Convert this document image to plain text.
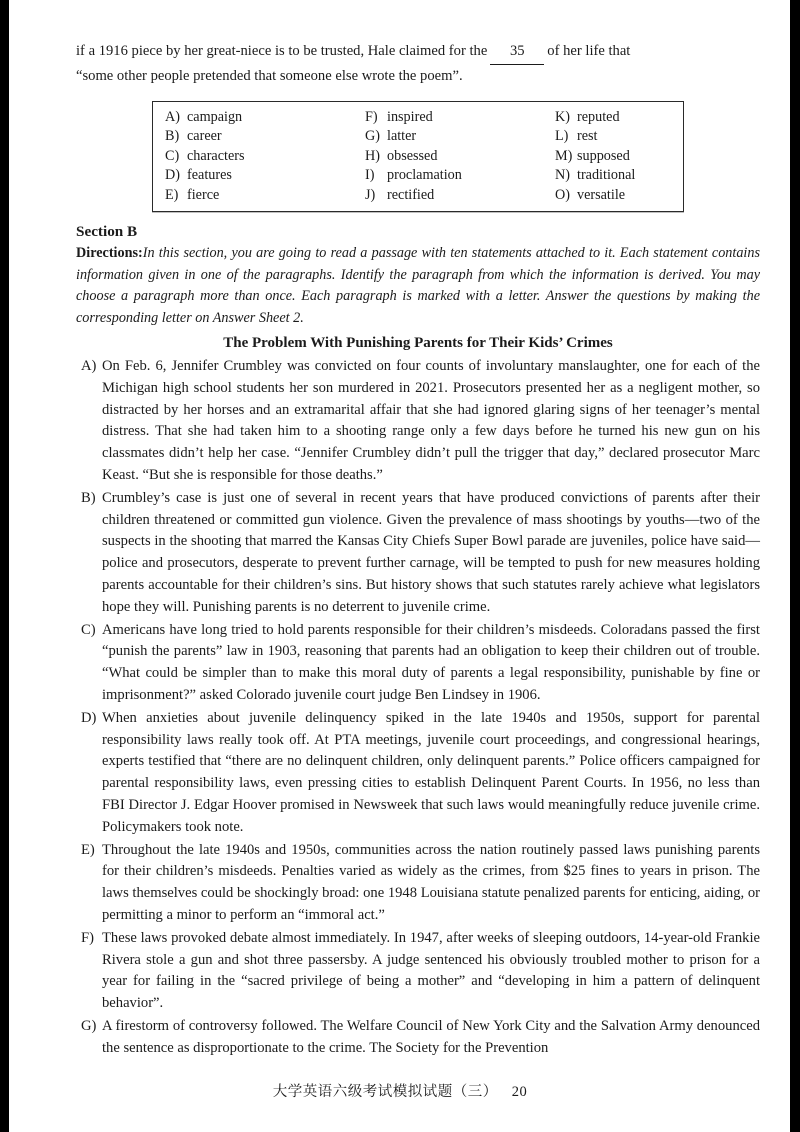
if a 1916 piece by her great-niece is to be trusted, Hale claimed for the 35 of her life that
“some other people pretended that someone else wrote the poem”.
A) campaign	F) inspired	K) reputed
B) career	G) latter	L) rest
C) characters	H) obsessed	M) supposed
D) features	I) proclamation	N) traditional
E) fierce	J) rectified	O) versatile
Section B

Directions:In this section, you are going to read a passage with ten statements attached to it. Each statement contains information given in one of the paragraphs. Identify the paragraph from which the information is derived. You may choose a paragraph more than once. Each paragraph is marked with a letter. Answer the questions by making the corresponding letter on Answer Sheet 2.

The Problem With Punishing Parents for Their Kids’ Crimes
A) On Feb. 6, Jennifer Crumbley was convicted on four counts of involuntary manslaughter, one for each of the Michigan high school students her son murdered in 2021. Prosecutors presented her as a negligent mother, so distracted by her horses and an extramarital affair that she had ignored glaring signs of her teenager’s mental distress. That she had taken him to a shooting range only a few days before he turned his new gun on his classmates didn’t help her case. “Jennifer Crumbley didn’t pull the trigger that day,” declared prosecutor Marc Keast. “But she is responsible for those deaths.”
B) Crumbley’s case is just one of several in recent years that have produced convictions of parents after their children threatened or committed gun violence. Given the prevalence of mass shootings by youths—two of the suspects in the shooting that marred the Kansas City Chiefs Super Bowl parade are juveniles, police have said—police and prosecutors, desperate to prevent further carnage, will be tempted to push for new measures holding parents accountable for their children’s sins. But history shows that such statutes rarely achieve what legislators hope they will. Punishing parents is no deterrent to juvenile crime.
C) Americans have long tried to hold parents responsible for their children’s misdeeds. Coloradans passed the first “punish the parents” law in 1903, reasoning that parents had an obligation to keep their children out of trouble. “What could be simpler than to make this moral duty of parents a legal responsibility, punishable by fine or imprisonment?” asked Colorado juvenile court judge Ben Lindsey in 1906.
D) When anxieties about juvenile delinquency spiked in the late 1940s and 1950s, support for parental responsibility laws really took off. At PTA meetings, juvenile court proceedings, and congressional hearings, experts testified that “there are no delinquent children, only delinquent parents.” Police officers campaigned for parental responsibility laws, even pressing cities to establish Delinquent Parent Courts. In 1956, no less than FBI Director J. Edgar Hoover promised in Newsweek that such laws would meaningfully reduce juvenile crime. Policymakers took note.
E) Throughout the late 1940s and 1950s, communities across the nation routinely passed laws punishing parents for their children’s misdeeds. Penalties varied as widely as the crimes, from $25 fines to years in prison. The laws themselves could be shockingly broad: one 1948 Louisiana statute penalized parents for enticing, aiding, or permitting a minor to perform an “immoral act.”
F) These laws provoked debate almost immediately. In 1947, after weeks of sleeping outdoors, 14-year-old Frankie Rivera stole a gun and shot three passersby. A judge sentenced his obviously troubled mother to prison for a year for failing in the “sacred privilege of being a mother” and “developing in him a pattern of delinquent behavior”.
G) A firestorm of controversy followed. The Welfare Council of New York City and the Salvation Army denounced the sentence as disproportionate to the crime. The Society for the Prevention
大学英语六级考试模拟试题（三） 20
